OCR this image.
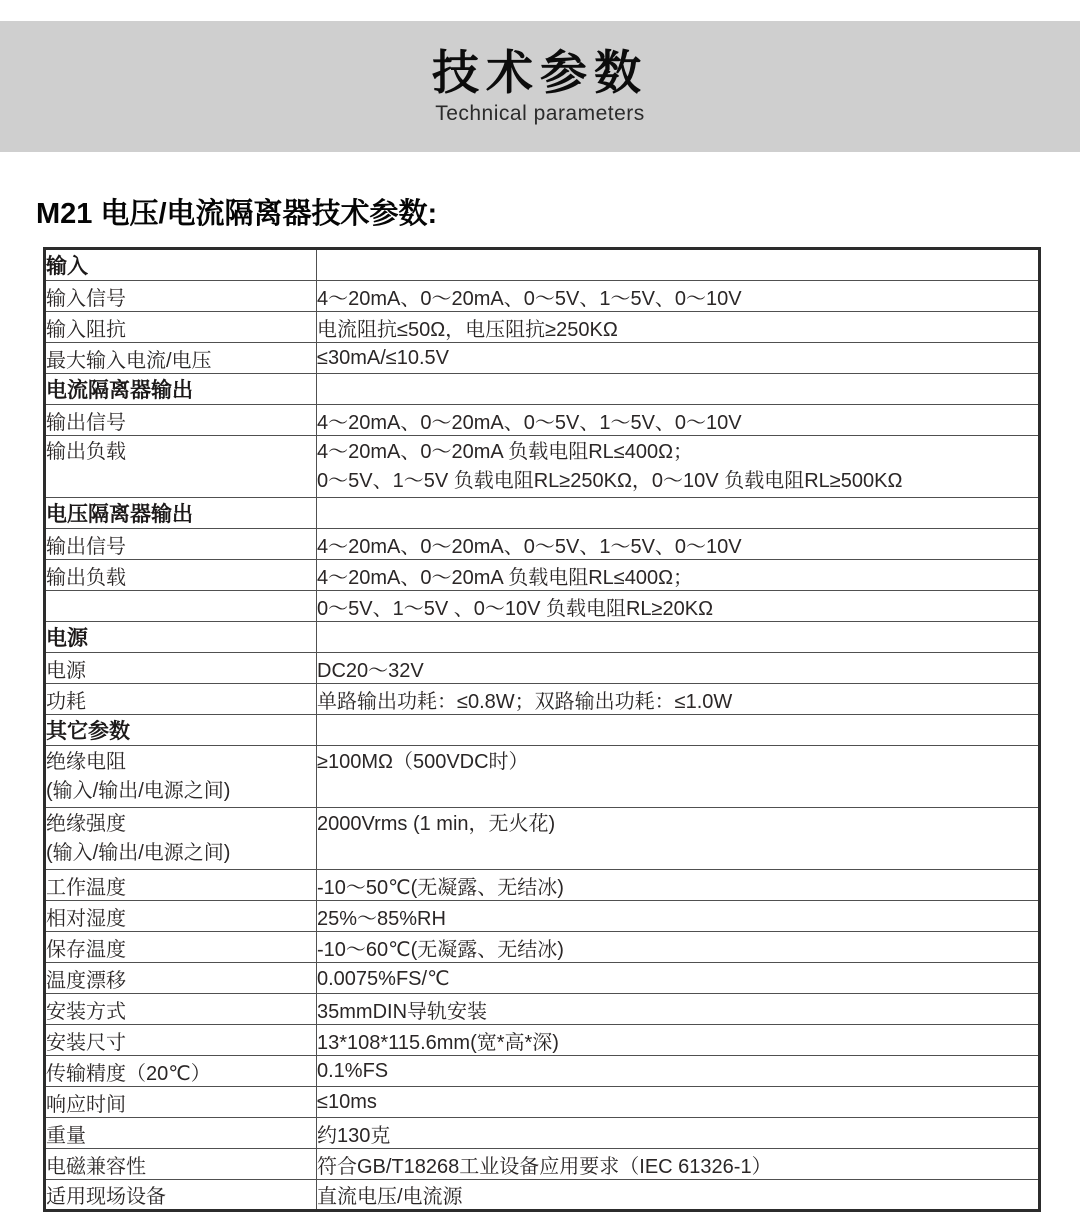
技术参数
Technical parameters
M21 电压/电流隔离器技术参数:
输入	
输入信号	4～20mA、0～20mA、0～5V、1～5V、0～10V
输入阻抗	电流阻抗≤50Ω，电压阻抗≥250KΩ
最大输入电流/电压	≤30mA/≤10.5V
电流隔离器输出	
输出信号	4～20mA、0～20mA、0～5V、1～5V、0～10V

输出负载	4～20mA、0～20mA 负载电阻RL≤400Ω；
0～5V、1～5V 负载电阻RL≥250KΩ，0～10V 负载电阻RL≥500KΩ

电压隔离器输出	
输出信号	4～20mA、0～20mA、0～5V、1～5V、0～10V
输出负载	4～20mA、0～20mA 负载电阻RL≤400Ω；
	0～5V、1～5V 、0～10V 负载电阻RL≥20KΩ
电源	
电源	DC20～32V
功耗	单路输出功耗：≤0.8W；双路输出功耗：≤1.0W
其它参数	

绝缘电阻
(输入/输出/电源之间)	≥100MΩ（500VDC时）

绝缘强度
(输入/输出/电源之间)	2000Vrms (1 min，无火花)

工作温度	-10～50℃(无凝露、无结冰)
相对湿度	25%～85%RH
保存温度	-10～60℃(无凝露、无结冰)
温度漂移	0.0075%FS/℃
安装方式	35mmDIN导轨安装
安装尺寸	13*108*115.6mm(宽*高*深)
传输精度（20℃）	0.1%FS
响应时间	≤10ms
重量	约130克
电磁兼容性	符合GB/T18268工业设备应用要求（IEC 61326-1）
适用现场设备	直流电压/电流源
